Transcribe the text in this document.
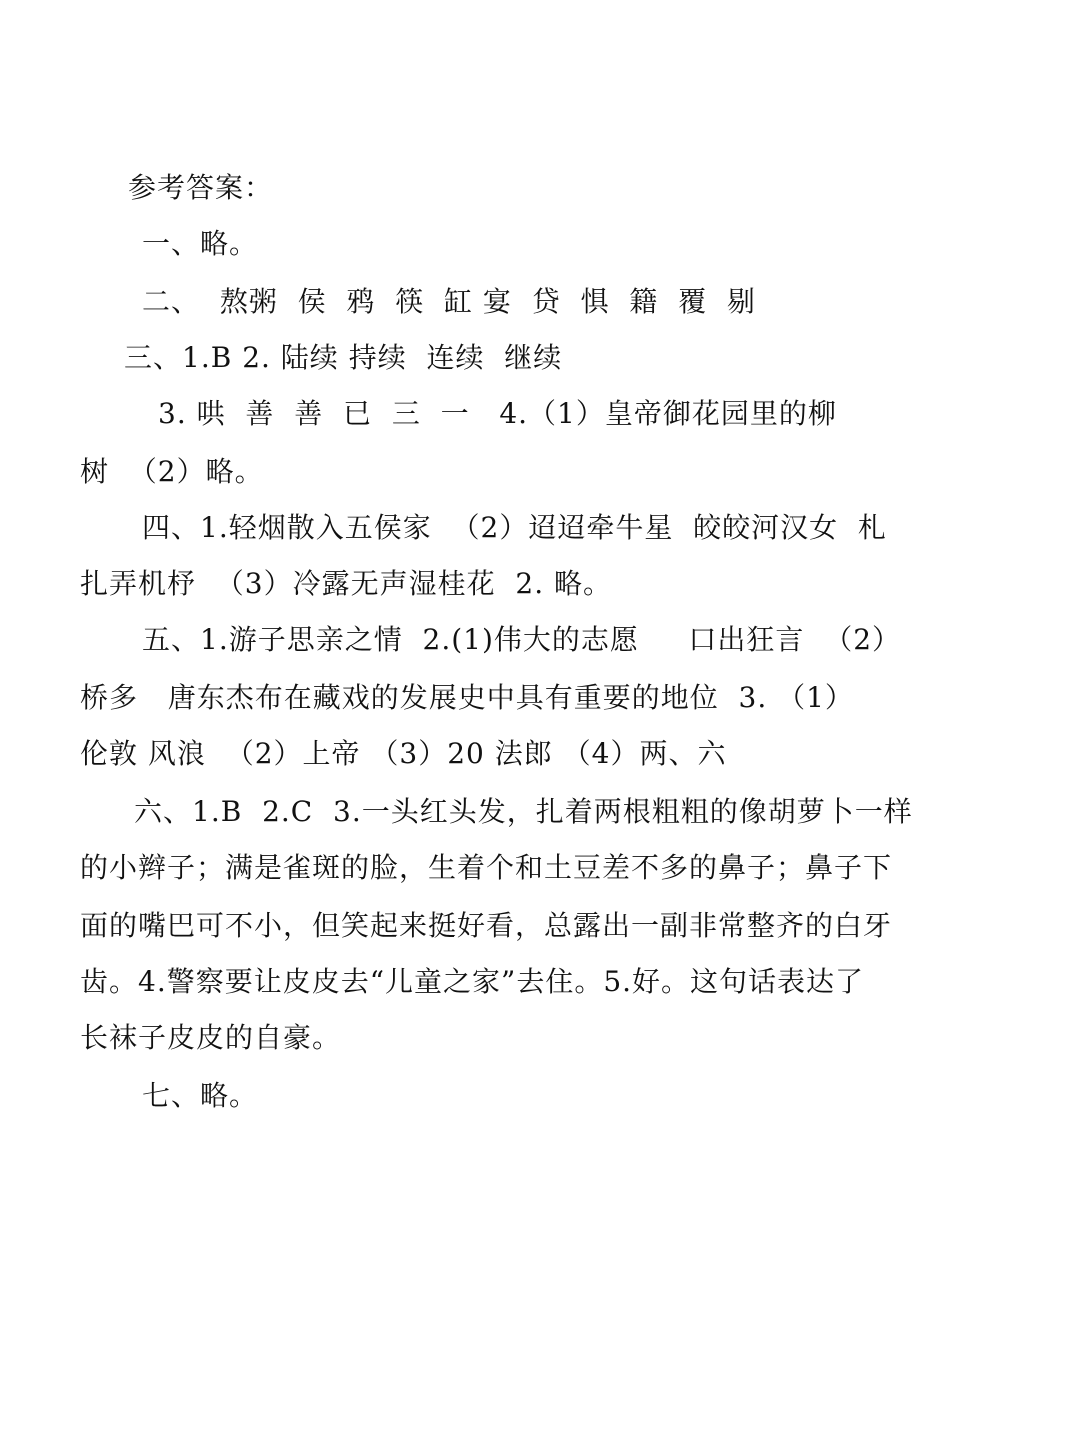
参考答案：
一、略。
二、  熬粥  侯  鸦  筷  缸 宴  贷  惧  籍  覆  剔
三、1.B 2. 陆续 持续  连续  继续
3. 哄  善  善  已  三  一   4.（1）皇帝御花园里的柳
树  （2）略。
四、1.轻烟散入五侯家  （2）迢迢牵牛星  皎皎河汉女  札
扎弄机杼  （3）冷露无声湿桂花  2. 略。
五、1.游子思亲之情  2.(1)伟大的志愿     口出狂言  （2）
桥多   唐东杰布在藏戏的发展史中具有重要的地位  3. （1）
伦敦 风浪  （2）上帝 （3）20 法郎 （4）两、六
六、1.B  2.C  3.一头红头发，扎着两根粗粗的像胡萝卜一样
的小辫子；满是雀斑的脸，生着个和土豆差不多的鼻子；鼻子下
面的嘴巴可不小，但笑起来挺好看，总露出一副非常整齐的白牙
齿。4.警察要让皮皮去“儿童之家”去住。5.好。这句话表达了
长袜子皮皮的自豪。
七、略。
